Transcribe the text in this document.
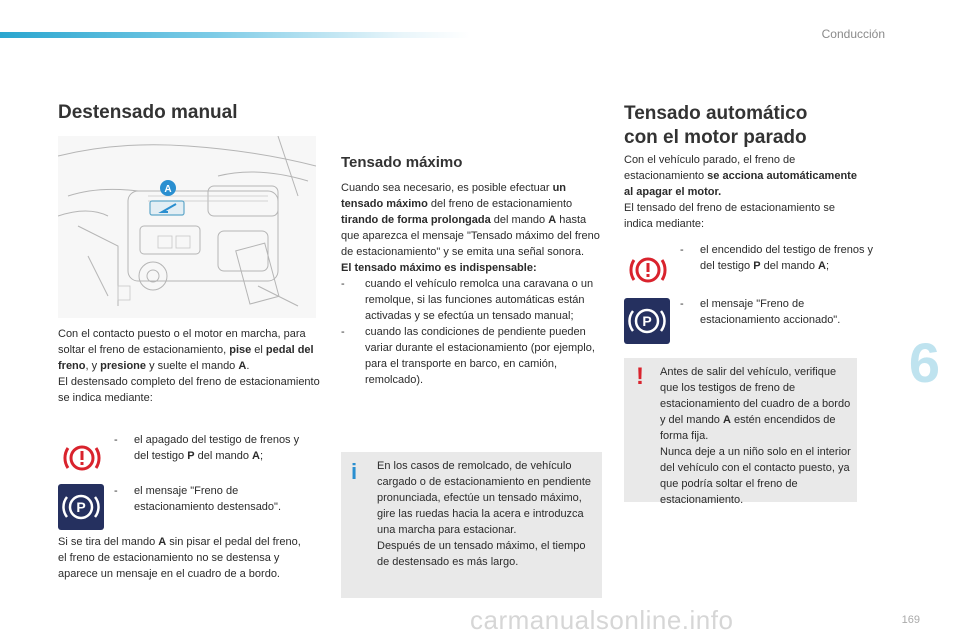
Conducción
Destensado manual
A

Con el contacto puesto o el motor en marcha, para soltar el freno de estacionamiento, pise el pedal del freno, y presione y suelte el mando A.

El destensado completo del freno de estacionamiento se indica mediante:

-	el apagado del testigo de frenos y del testigo P del mando A;
P
-	el mensaje "Freno de estacionamiento destensado".

Si se tira del mando A sin pisar el pedal del freno, el freno de estacionamiento no se destensa y aparece un mensaje en el cuadro de a bordo.

Tensado máximo

Cuando sea necesario, es posible efectuar un tensado máximo del freno de estacionamiento tirando de forma prolongada del mando A hasta que aparezca el mensaje "Tensado máximo del freno de estacionamiento" y se emita una señal sonora.

El tensado máximo es indispensable:

-	cuando el vehículo remolca una caravana o un remolque, si las funciones automáticas están activadas y se efectúa un tensado manual;
-	cuando las condiciones de pendiente pueden variar durante el estacionamiento (por ejemplo, para el transporte en barco, en camión, remolcado).
i	En los casos de remolcado, de vehículo cargado o de estacionamiento en pendiente pronunciada, efectúe un tensado máximo, gire las ruedas hacia la acera e introduzca una marcha para estacionar.
Después de un tensado máximo, el tiempo de destensado es más largo.
Tensado automático
con el motor parado

Con el vehículo parado, el freno de estacionamiento se acciona automáticamente al apagar el motor.

El tensado del freno de estacionamiento se indica mediante:

-	el encendido del testigo de frenos y del testigo P del mando A;
P
-	el mensaje "Freno de estacionamiento accionado".
! Antes de salir del vehículo, verifique que los testigos de freno de estacionamiento del cuadro de a bordo y del mando A estén encendidos de forma fija.
Nunca deje a un niño solo en el interior del vehículo con el contacto puesto, ya que podría soltar el freno de estacionamiento.
6
carmanualsonline.info	169
